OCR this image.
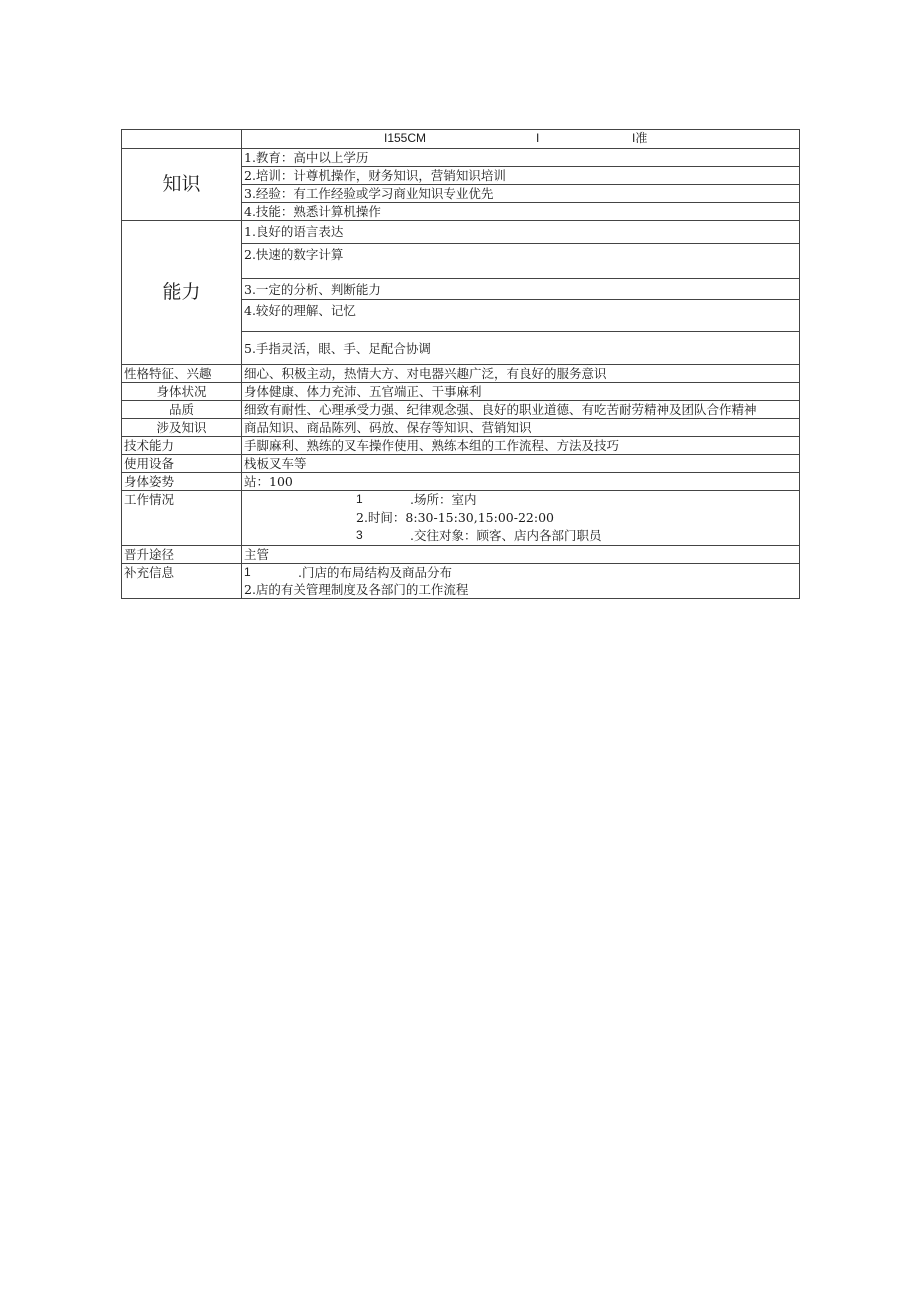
	I155CM I I准

知识	1.教育：高中以上学历
	2.培训：计尊机操作，财务知识，营销知识培训
	3.经验：有工作经验或学习商业知识专业优先
	4.技能：熟悉计算机操作
能力	1.良好的语言表达
	2.快速的数字计算
	3.一定的分析、判断能力
	4.较好的理解、记忆
	5.手指灵活，眼、手、足配合协调
性格特征、兴趣	细心、积极主动，热情大方、对电器兴趣广泛，有良好的服务意识
身体状况	身体健康、体力充沛、五官端正、干事麻利
品质	细致有耐性、心理承受力强、纪律观念强、良好的职业道德、有吃苦耐劳精神及团队合作精神
涉及知识	商品知识、商品陈列、码放、保存等知识、营销知识
技术能力	手脚麻利、熟练的叉车操作使用、熟练本组的工作流程、方法及技巧
使用设备	栈板叉车等
身体姿势	站：100
工作情况	1 .场所：室内
2.时间：8:30-15:30,15:00-22:00
3 .交往对象：顾客、店内各部门职员

晋升途径	主管
补充信息	1 .门店的布局结构及商品分布
2.店的有关管理制度及各部门的工作流程
